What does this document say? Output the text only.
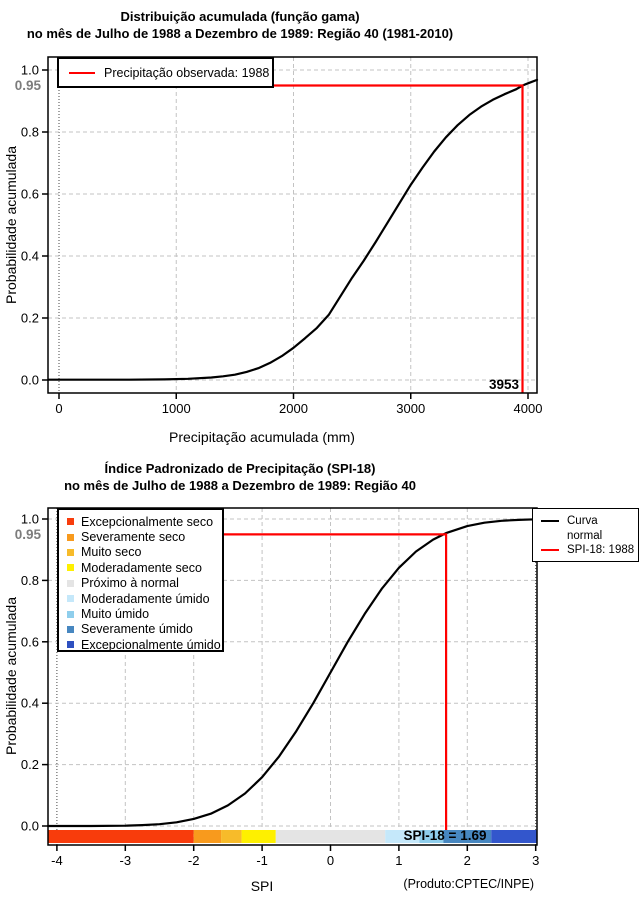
0	1000	2000	3000	4000
0.0
0.2
0.4
0.6
0.8
1.0
Precipitação acumulada (mm)
Probabilidade acumulada
-4	-3	-2	-1	0	1	2	3
0.0
0.2
0.4
0.6
0.8
1.0
SPI
Probabilidade acumulada
(Produto:CPTEC/INPE)
Distribuição acumulada (função gama)
no mês de Julho de 1988 a Dezembro de 1989: Região 40 (1981-2010)
Índice Padronizado de Precipitação (SPI-18)
no mês de Julho de 1988 a Dezembro de 1989: Região 40
0.95
0.95
3953
SPI-18 = 1.69
Precipitação observada: 1988
Excepcionalmente seco
Severamente seco
Muito seco
Moderadamente seco
Próximo à normal
Moderadamente úmido
Muito úmido
Severamente úmido
Excepcionalmente úmido
Curva
normal
SPI-18: 1988
